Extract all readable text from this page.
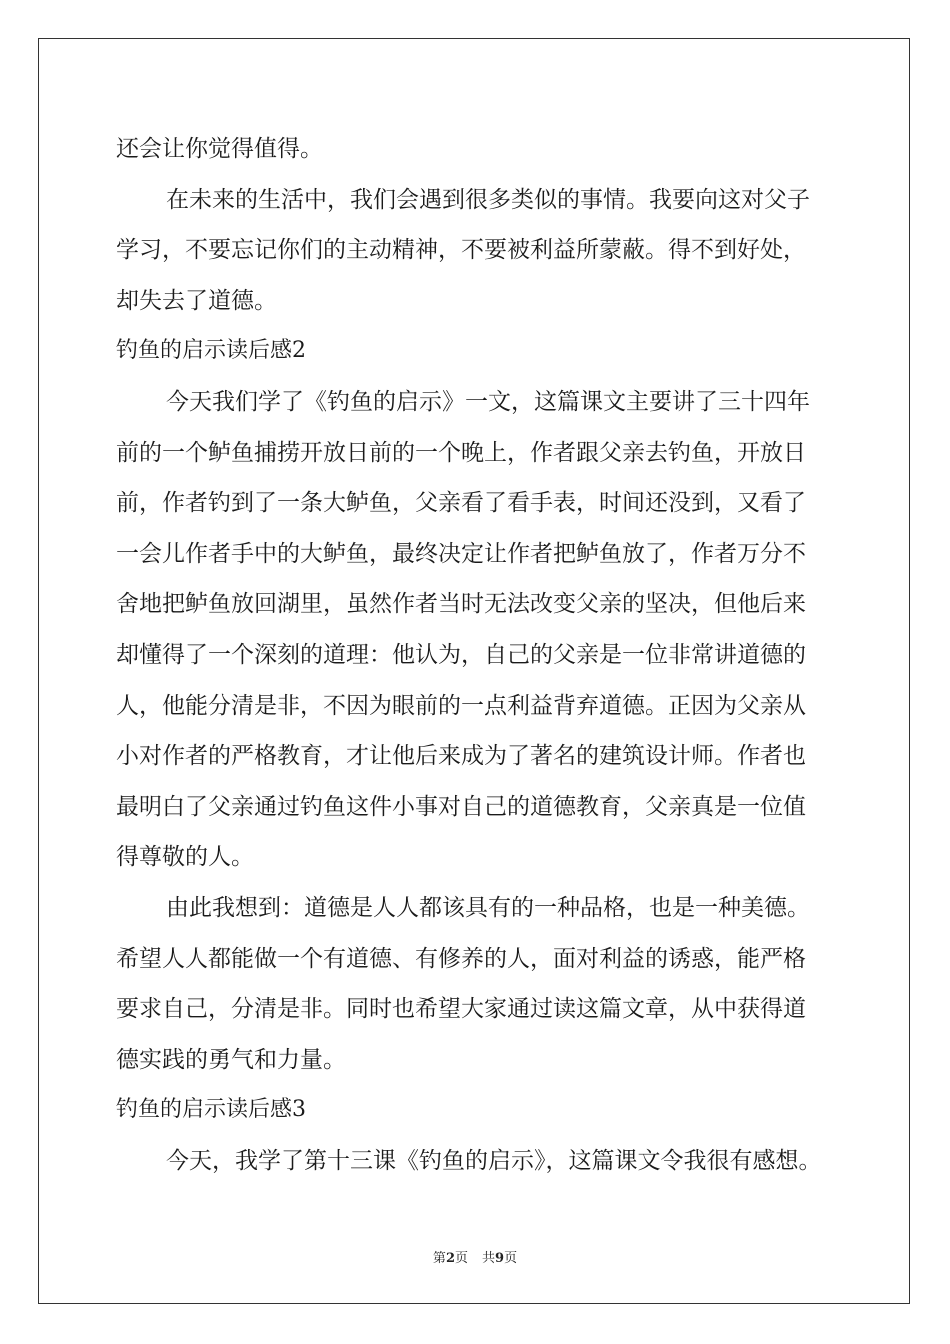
还会让你觉得值得。
在未来的生活中，我们会遇到很多类似的事情。我要向这对父子
学习，不要忘记你们的主动精神，不要被利益所蒙蔽。得不到好处，
却失去了道德。
钓鱼的启示读后感2
今天我们学了《钓鱼的启示》一文，这篇课文主要讲了三十四年
前的一个鲈鱼捕捞开放日前的一个晚上，作者跟父亲去钓鱼，开放日
前，作者钓到了一条大鲈鱼，父亲看了看手表，时间还没到，又看了
一会儿作者手中的大鲈鱼，最终决定让作者把鲈鱼放了，作者万分不
舍地把鲈鱼放回湖里，虽然作者当时无法改变父亲的坚决，但他后来
却懂得了一个深刻的道理：他认为，自己的父亲是一位非常讲道德的
人，他能分清是非，不因为眼前的一点利益背弃道德。正因为父亲从
小对作者的严格教育，才让他后来成为了著名的建筑设计师。作者也
最明白了父亲通过钓鱼这件小事对自己的道德教育，父亲真是一位值
得尊敬的人。
由此我想到：道德是人人都该具有的一种品格，也是一种美德。
希望人人都能做一个有道德、有修养的人，面对利益的诱惑，能严格
要求自己，分清是非。同时也希望大家通过读这篇文章，从中获得道
德实践的勇气和力量。
钓鱼的启示读后感3
今天，我学了第十三课《钓鱼的启示》，这篇课文令我很有感想。
第2页 共9页
